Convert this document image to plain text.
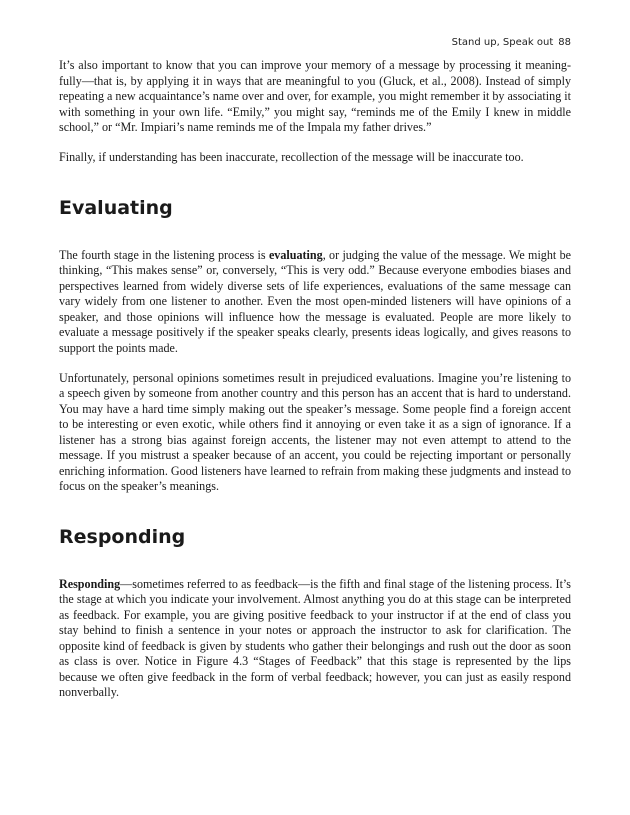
Stand up, Speak out 88

It’s also important to know that you can improve your memory of a message by processing it meaningfully—that is, by applying it in ways that are meaningful to you (Gluck, et al., 2008). Instead of simply repeating a new acquaintance’s name over and over, for example, you might remember it by associating it with something in your own life. “Emily,” you might say, “reminds me of the Emily I knew in middle school,” or “Mr. Impiari’s name reminds me of the Impala my father drives.”

Finally, if understanding has been inaccurate, recollection of the message will be inaccurate too.

Evaluating

The fourth stage in the listening process is evaluating, or judging the value of the message. We might be thinking, “This makes sense” or, conversely, “This is very odd.” Because everyone embodies biases and perspectives learned from widely diverse sets of life experiences, evaluations of the same message can vary widely from one listener to another. Even the most open-minded listeners will have opinions of a speaker, and those opinions will influence how the message is evaluated. People are more likely to evaluate a message positively if the speaker speaks clearly, presents ideas logically, and gives reasons to support the points made.

Unfortunately, personal opinions sometimes result in prejudiced evaluations. Imagine you’re listening to a speech given by someone from another country and this person has an accent that is hard to understand. You may have a hard time simply making out the speaker’s message. Some people find a foreign accent to be interesting or even exotic, while others find it annoying or even take it as a sign of ignorance. If a listener has a strong bias against foreign accents, the listener may not even attempt to attend to the message. If you mistrust a speaker because of an accent, you could be rejecting important or personally enriching information. Good listeners have learned to refrain from making these judgments and instead to focus on the speaker’s meanings.

Responding

Responding—sometimes referred to as feedback—is the fifth and final stage of the listening process. It’s the stage at which you indicate your involvement. Almost anything you do at this stage can be interpreted as feedback. For example, you are giving positive feedback to your instructor if at the end of class you stay behind to finish a sentence in your notes or approach the instructor to ask for clarification. The opposite kind of feedback is given by students who gather their belongings and rush out the door as soon as class is over. Notice in Figure 4.3 “Stages of Feedback” that this stage is represented by the lips because we often give feedback in the form of verbal feedback; however, you can just as easily respond nonverbally.
